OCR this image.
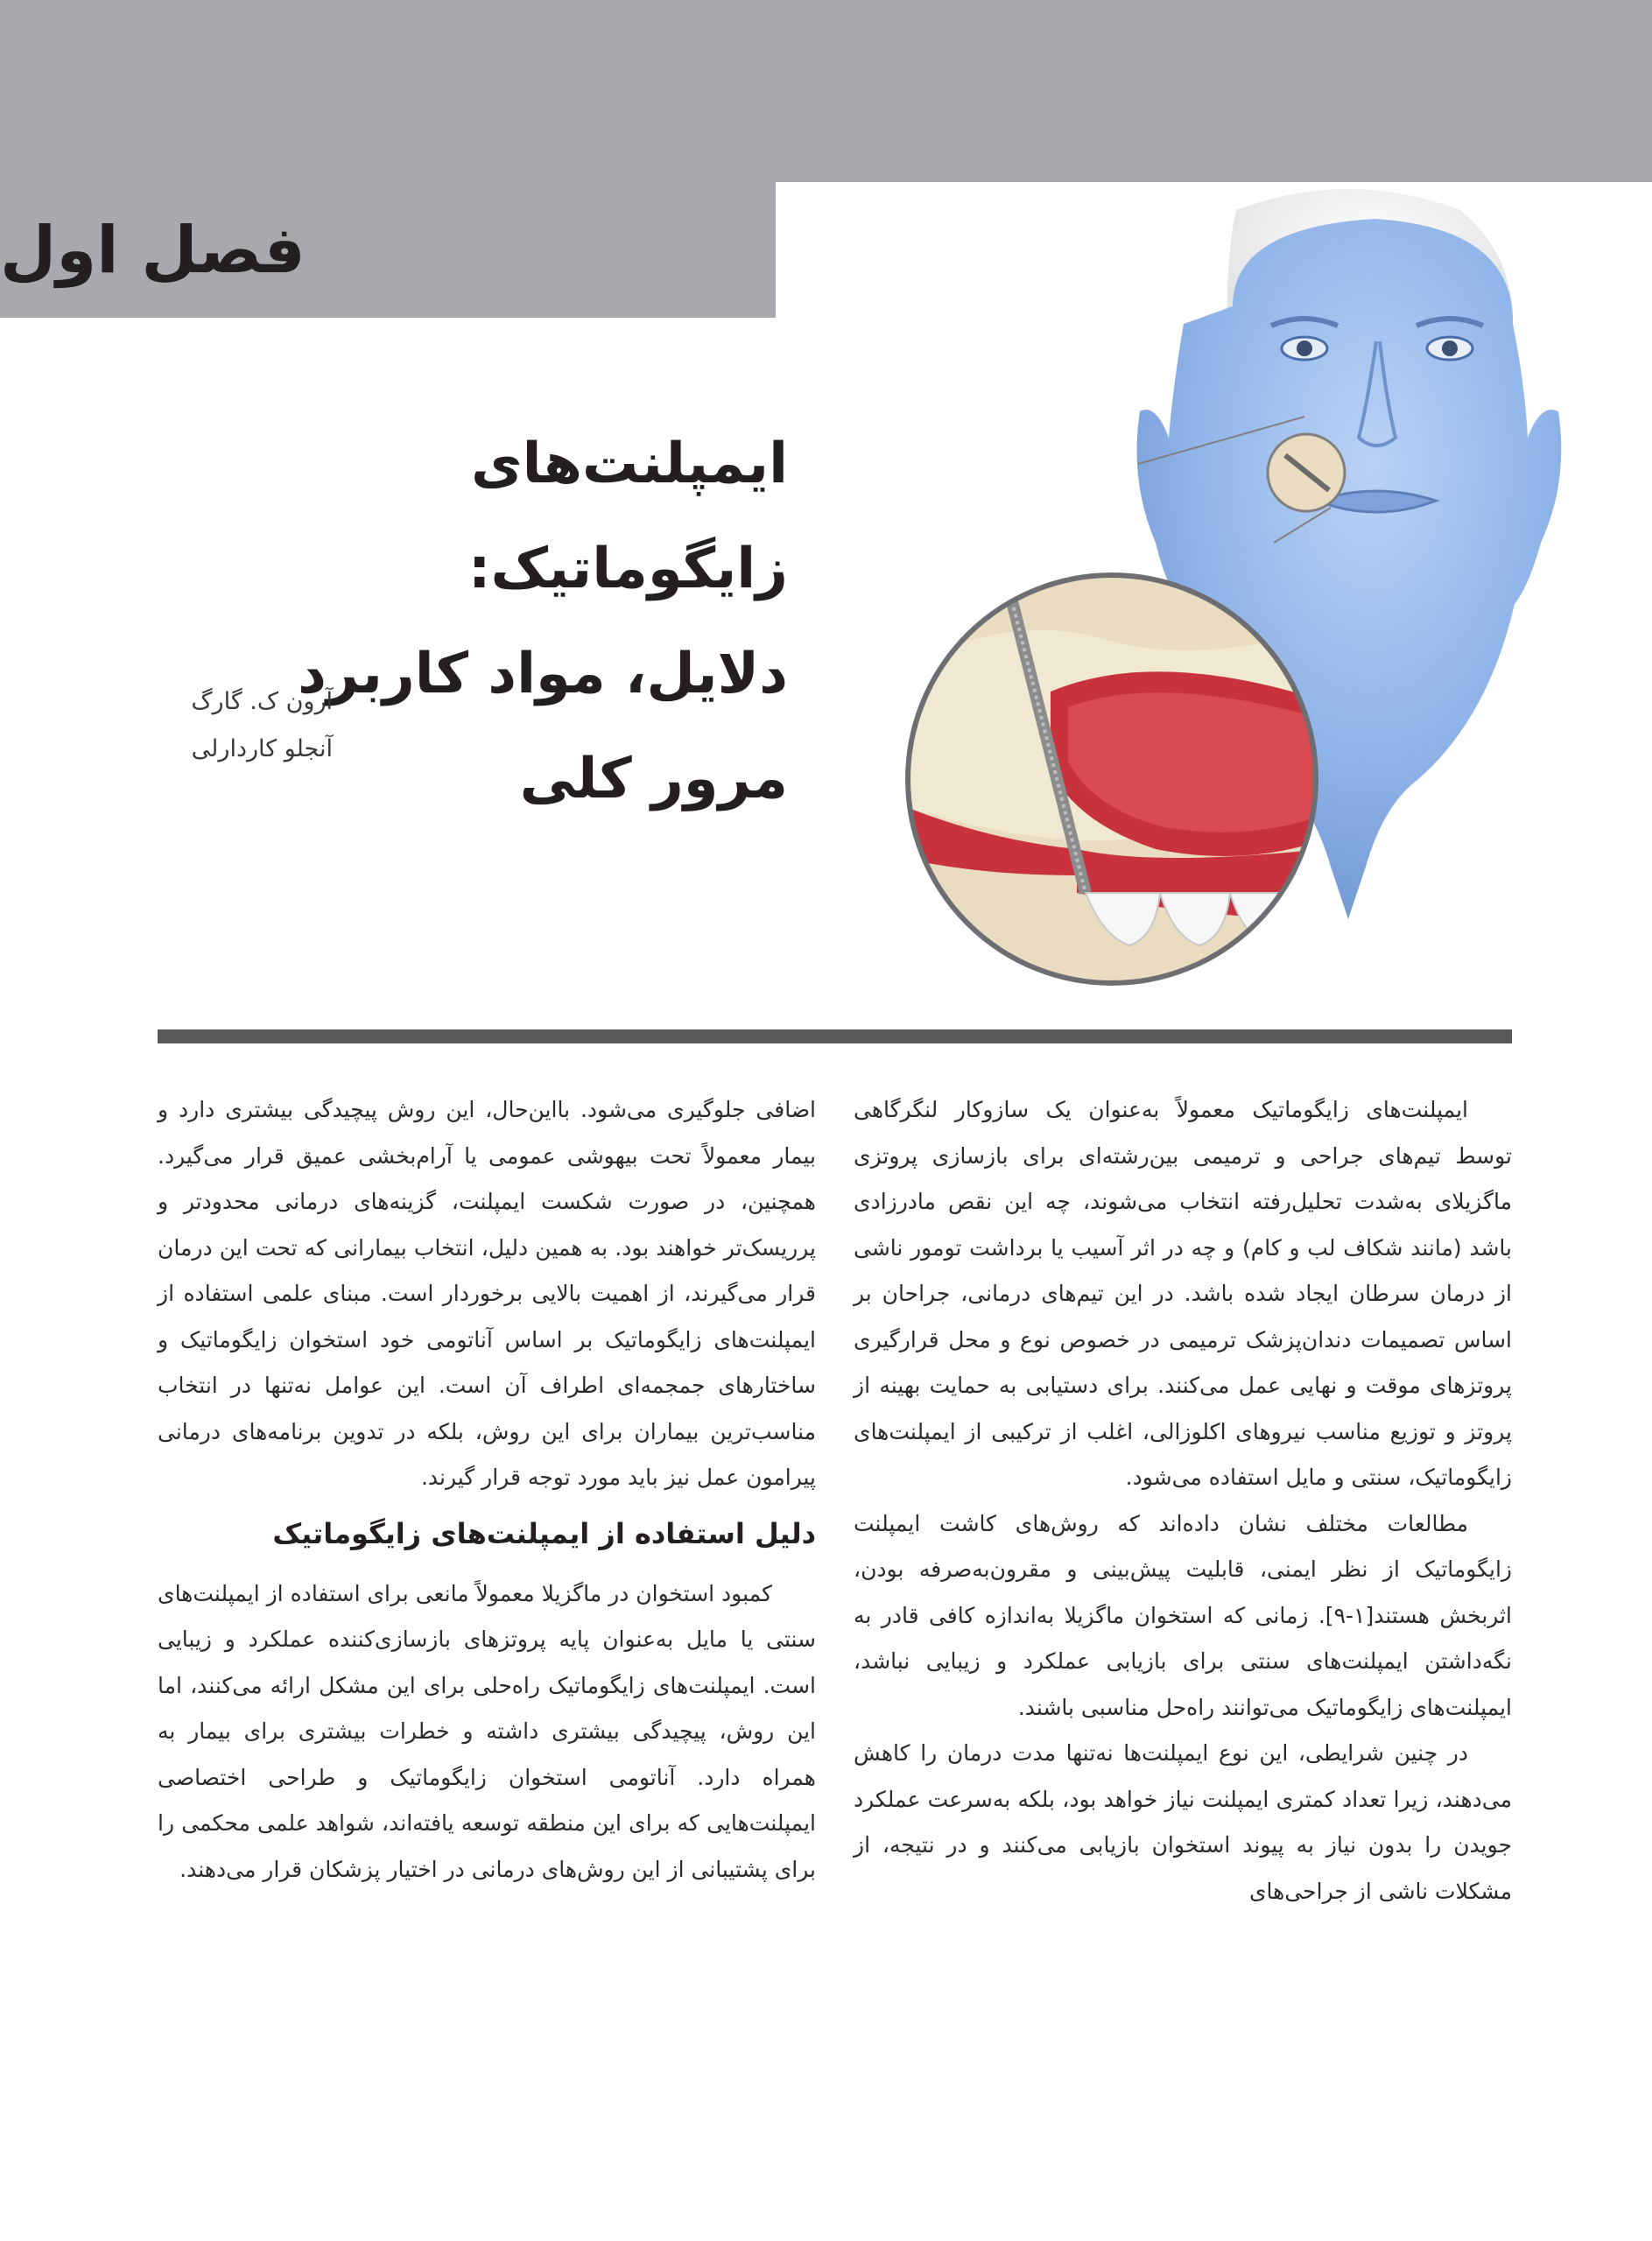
فصل اول

ایمپلنت‌های زایگوماتیک:

دلایل، مواد کاربرد مرور کلی

آرون ک. گارگ
آنجلو کاردارلی

ایمپلنت‌های زایگوماتیک معمولاً به‌عنوان یک سازوکار لنگرگاهی توسط تیم‌های جراحی و ترمیمی بین‌رشته‌ای برای بازسازی پروتزی ماگزیلای به‌شدت تحلیل‌رفته انتخاب می‌شوند، چه این نقص مادرزادی باشد (مانند شکاف لب و کام) و چه در اثر آسیب یا برداشت تومور ناشی از درمان سرطان ایجاد شده باشد. در این تیم‌های درمانی، جراحان بر اساس تصمیمات دندان‌پزشک ترمیمی در خصوص نوع و محل قرارگیری پروتزهای موقت و نهایی عمل می‌کنند. برای دستیابی به حمایت بهینه از پروتز و توزیع مناسب نیروهای اکلوزالی، اغلب از ترکیبی از ایمپلنت‌های زایگوماتیک، سنتی و مایل استفاده می‌شود.

مطالعات مختلف نشان داده‌اند که روش‌های کاشت ایمپلنت زایگوماتیک از نظر ایمنی، قابلیت پیش‌بینی و مقرون‌به‌صرفه بودن، اثربخش هستند[۱-۹]. زمانی که استخوان ماگزیلا به‌اندازه کافی قادر به نگه‌داشتن ایمپلنت‌های سنتی برای بازیابی عملکرد و زیبایی نباشد، ایمپلنت‌های زایگوماتیک می‌توانند راه‌حل مناسبی باشند.

در چنین شرایطی، این نوع ایمپلنت‌ها نه‌تنها مدت درمان را کاهش می‌دهند، زیرا تعداد کمتری ایمپلنت نیاز خواهد بود، بلکه به‌سرعت عملکرد جویدن را بدون نیاز به پیوند استخوان بازیابی می‌کنند و در نتیجه، از مشکلات ناشی از جراحی‌های

اضافی جلوگیری می‌شود. بااین‌حال، این روش پیچیدگی بیشتری دارد و بیمار معمولاً تحت بیهوشی عمومی یا آرام‌بخشی عمیق قرار می‌گیرد. همچنین، در صورت شکست ایمپلنت، گزینه‌های درمانی محدودتر و پرریسک‌تر خواهند بود. به همین دلیل، انتخاب بیمارانی که تحت این درمان قرار می‌گیرند، از اهمیت بالایی برخوردار است. مبنای علمی استفاده از ایمپلنت‌های زایگوماتیک بر اساس آناتومی خود استخوان زایگوماتیک و ساختارهای جمجمه‌ای اطراف آن است. این عوامل نه‌تنها در انتخاب مناسب‌ترین بیماران برای این روش، بلکه در تدوین برنامه‌های درمانی پیرامون عمل نیز باید مورد توجه قرار گیرند.

دلیل استفاده از ایمپلنت‌های زایگوماتیک

کمبود استخوان در ماگزیلا معمولاً مانعی برای استفاده از ایمپلنت‌های سنتی یا مایل به‌عنوان پایه پروتزهای بازسازی‌کننده عملکرد و زیبایی است. ایمپلنت‌های زایگوماتیک راه‌حلی برای این مشکل ارائه می‌کنند، اما این روش، پیچیدگی بیشتری داشته و خطرات بیشتری برای بیمار به همراه دارد. آناتومی استخوان زایگوماتیک و طراحی اختصاصی ایمپلنت‌هایی که برای این منطقه توسعه یافته‌اند، شواهد علمی محکمی را برای پشتیبانی از این روش‌های درمانی در اختیار پزشکان قرار می‌دهند.
